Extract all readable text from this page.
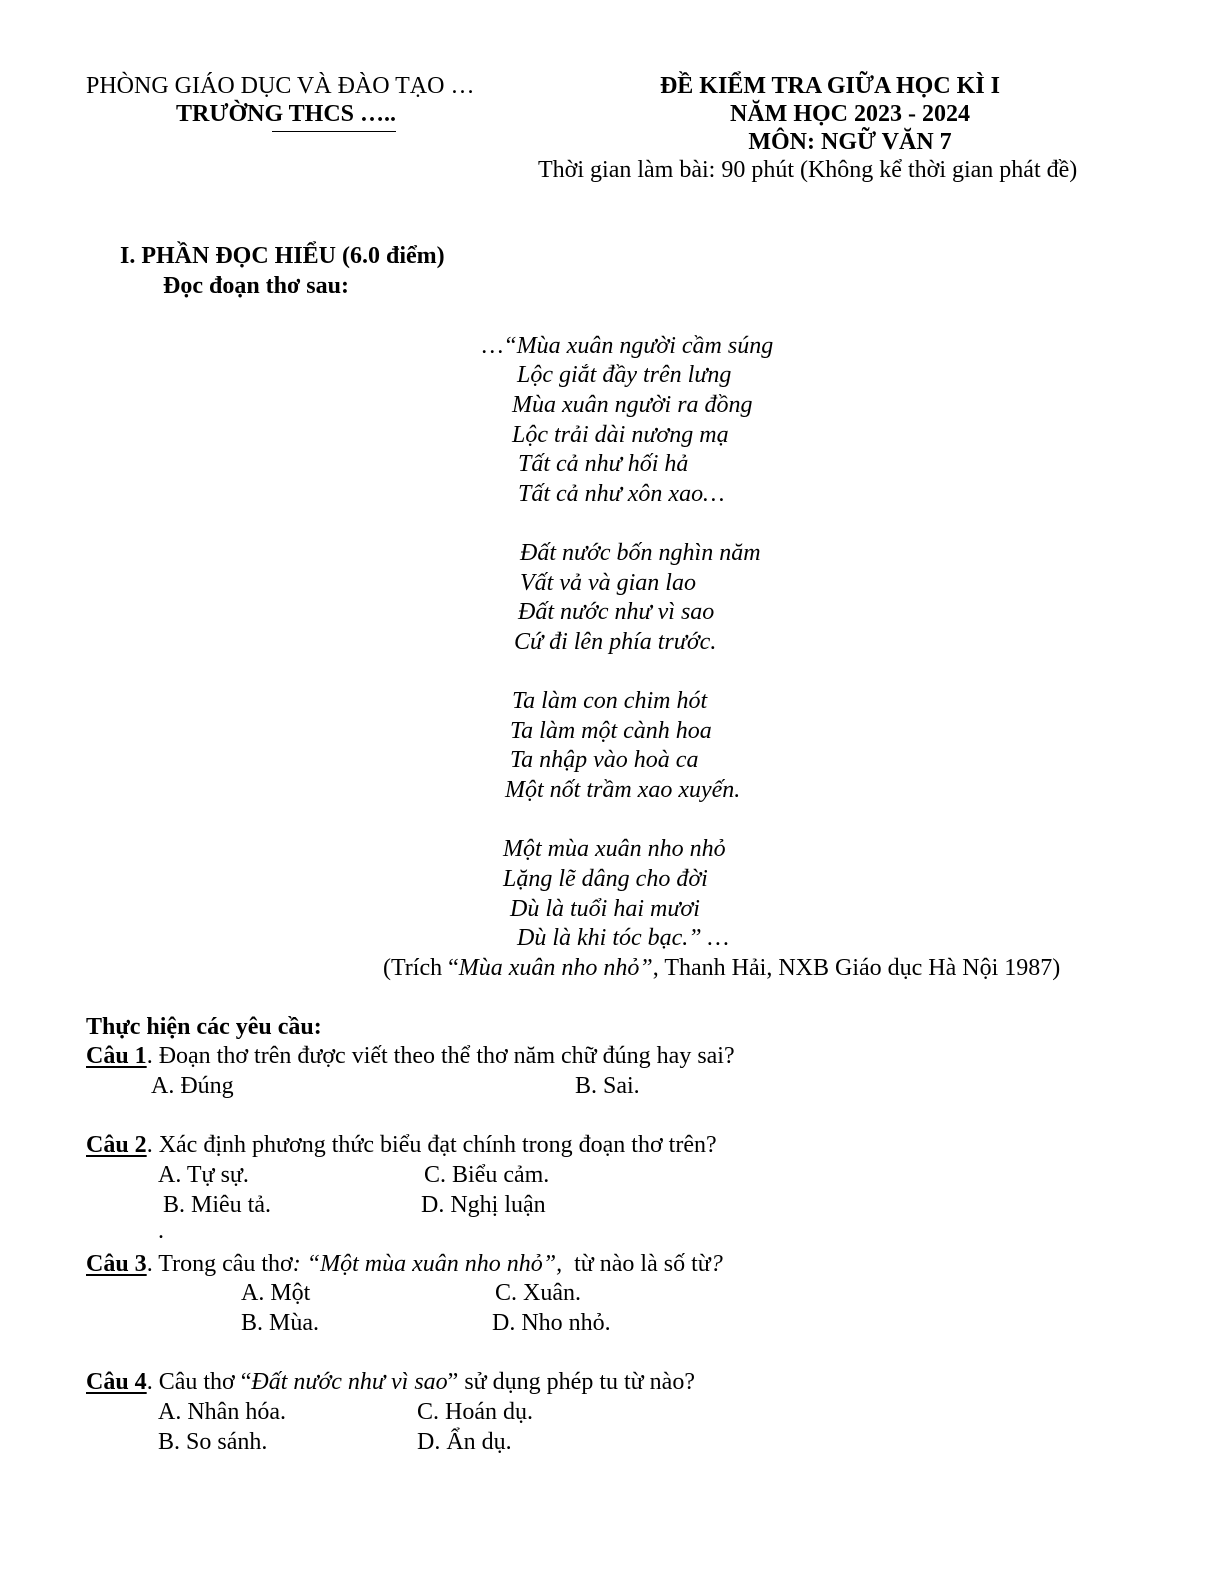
PHÒNG GIÁO DỤC VÀ ĐÀO TẠO …
TRƯỜNG THCS …..
ĐỀ KIỂM TRA GIỮA HỌC KÌ I
NĂM HỌC 2023 - 2024
MÔN: NGỮ VĂN 7
Thời gian làm bài: 90 phút (Không kể thời gian phát đề)
I. PHẦN ĐỌC HIỂU (6.0 điểm)
Đọc đoạn thơ sau:
…“Mùa xuân người cầm súng
Lộc giắt đầy trên lưng
Mùa xuân người ra đồng
Lộc trải dài nương mạ
Tất cả như hối hả
Tất cả như xôn xao…
Đất nước bốn nghìn năm
Vất vả và gian lao
Đất nước như vì sao
Cứ đi lên phía trước.
Ta làm con chim hót
Ta làm một cành hoa
Ta nhập vào hoà ca
Một nốt trầm xao xuyến.
Một mùa xuân nho nhỏ
Lặng lẽ dâng cho đời
Dù là tuổi hai mươi
Dù là khi tóc bạc.” …
(Trích “Mùa xuân nho nhỏ”, Thanh Hải, NXB Giáo dục Hà Nội 1987)
Thực hiện các yêu cầu:
Câu 1. Đoạn thơ trên được viết theo thể thơ năm chữ đúng hay sai?
A. Đúng	B. Sai.
Câu 2. Xác định phương thức biểu đạt chính trong đoạn thơ trên?
A. Tự sự.	C. Biểu cảm.
B. Miêu tả.	D. Nghị luận
.
Câu 3. Trong câu thơ: “Một mùa xuân nho nhỏ”,  từ nào là số từ?
A. Một	C. Xuân.
B. Mùa.	D. Nho nhỏ.
Câu 4. Câu thơ “Đất nước như vì sao” sử dụng phép tu từ nào?
A. Nhân hóa.	C. Hoán dụ.
B. So sánh.	D. Ẩn dụ.
